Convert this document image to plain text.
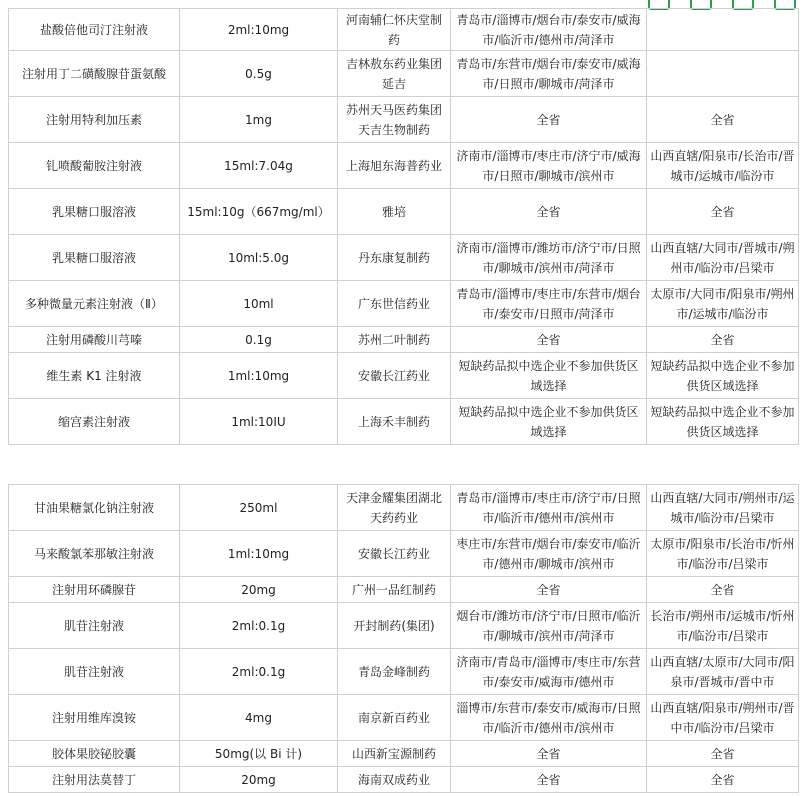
盐酸倍他司汀注射液	2ml:10mg	河南辅仁怀庆堂制药	青岛市/淄博市/烟台市/泰安市/威海市/临沂市/德州市/菏泽市	
注射用丁二磺酸腺苷蛋氨酸	0.5g	吉林敖东药业集团延吉	青岛市/东营市/烟台市/泰安市/威海市/日照市/聊城市/菏泽市	
注射用特利加压素	1mg	苏州天马医药集团天吉生物制药	全省	全省
钆喷酸葡胺注射液	15ml:7.04g	上海旭东海普药业	济南市/淄博市/枣庄市/济宁市/威海市/日照市/聊城市/滨州市	山西直辖/阳泉市/长治市/晋城市/运城市/临汾市
乳果糖口服溶液	15ml:10g（667mg/ml）	雅培	全省	全省
乳果糖口服溶液	10ml:5.0g	丹东康复制药	济南市/淄博市/潍坊市/济宁市/日照市/聊城市/滨州市/菏泽市	山西直辖/大同市/晋城市/朔州市/临汾市/吕梁市
多种微量元素注射液（Ⅱ）	10ml	广东世信药业	青岛市/淄博市/枣庄市/东营市/烟台市/泰安市/日照市/菏泽市	太原市/大同市/阳泉市/朔州市/运城市/临汾市
注射用磷酸川芎嗪	0.1g	苏州二叶制药	全省	全省
维生素 K1 注射液	1ml:10mg	安徽长江药业	短缺药品拟中选企业不参加供货区域选择	短缺药品拟中选企业不参加供货区域选择
缩宫素注射液	1ml:10IU	上海禾丰制药	短缺药品拟中选企业不参加供货区域选择	短缺药品拟中选企业不参加供货区域选择
甘油果糖氯化钠注射液	250ml	天津金耀集团湖北天药药业	青岛市/淄博市/枣庄市/济宁市/日照市/临沂市/德州市/滨州市	山西直辖/大同市/朔州市/运城市/临汾市/吕梁市
马来酸氯苯那敏注射液	1ml:10mg	安徽长江药业	枣庄市/东营市/烟台市/泰安市/临沂市/德州市/聊城市/滨州市	太原市/阳泉市/长治市/忻州市/临汾市/吕梁市
注射用环磷腺苷	20mg	广州一品红制药	全省	全省
肌苷注射液	2ml:0.1g	开封制药(集团)	烟台市/潍坊市/济宁市/日照市/临沂市/聊城市/滨州市/菏泽市	长治市/朔州市/运城市/忻州市/临汾市/吕梁市
肌苷注射液	2ml:0.1g	青岛金峰制药	济南市/青岛市/淄博市/枣庄市/东营市/泰安市/威海市/德州市	山西直辖/太原市/大同市/阳泉市/晋城市/晋中市
注射用维库溴铵	4mg	南京新百药业	淄博市/东营市/泰安市/威海市/日照市/临沂市/德州市/滨州市	山西直辖/阳泉市/朔州市/晋中市/临汾市/吕梁市
胶体果胶铋胶囊	50mg(以 Bi 计)	山西新宝源制药	全省	全省
注射用法莫替丁	20mg	海南双成药业	全省	全省
